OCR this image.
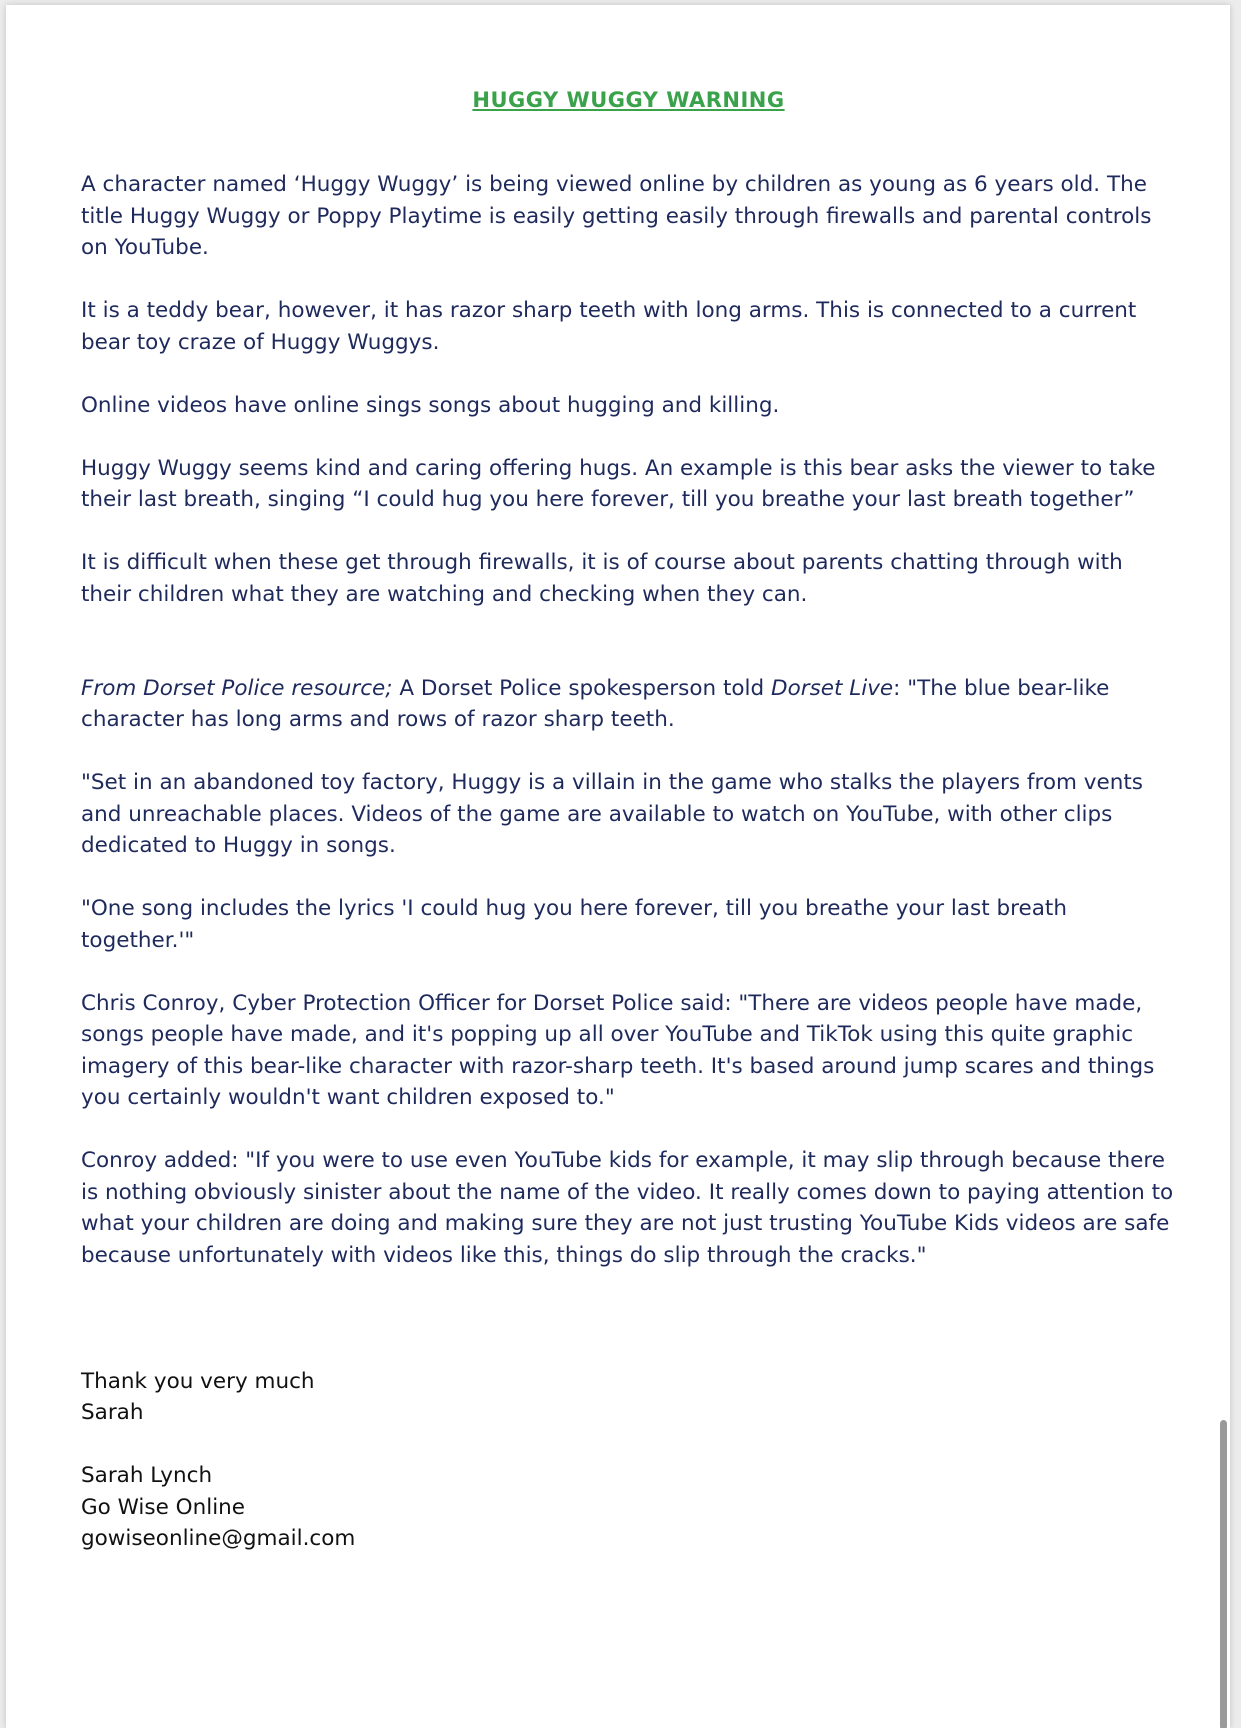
HUGGY WUGGY WARNING

A character named ‘Huggy Wuggy’ is being viewed online by children as young as 6 years old. The title Huggy Wuggy or Poppy Playtime is easily getting easily through firewalls and parental controls on YouTube.

It is a teddy bear, however, it has razor sharp teeth with long arms. This is connected to a current bear toy craze of Huggy Wuggys.

Online videos have online sings songs about hugging and killing.

Huggy Wuggy seems kind and caring offering hugs. An example is this bear asks the viewer to take their last breath, singing “I could hug you here forever, till you breathe your last breath together”

It is difficult when these get through firewalls, it is of course about parents chatting through with their children what they are watching and checking when they can.

From Dorset Police resource; A Dorset Police spokesperson told Dorset Live: "The blue bear-like character has long arms and rows of razor sharp teeth.

"Set in an abandoned toy factory, Huggy is a villain in the game who stalks the players from vents and unreachable places. Videos of the game are available to watch on YouTube, with other clips dedicated to Huggy in songs.

"One song includes the lyrics 'I could hug you here forever, till you breathe your last breath together.'"

Chris Conroy, Cyber Protection Officer for Dorset Police said: "There are videos people have made, songs people have made, and it's popping up all over YouTube and TikTok using this quite graphic imagery of this bear-like character with razor-sharp teeth. It's based around jump scares and things you certainly wouldn't want children exposed to."

Conroy added: "If you were to use even YouTube kids for example, it may slip through because there is nothing obviously sinister about the name of the video. It really comes down to paying attention to what your children are doing and making sure they are not just trusting YouTube Kids videos are safe because unfortunately with videos like this, things do slip through the cracks."

Thank you very much
Sarah
Sarah Lynch
Go Wise Online
gowiseonline@gmail.com
